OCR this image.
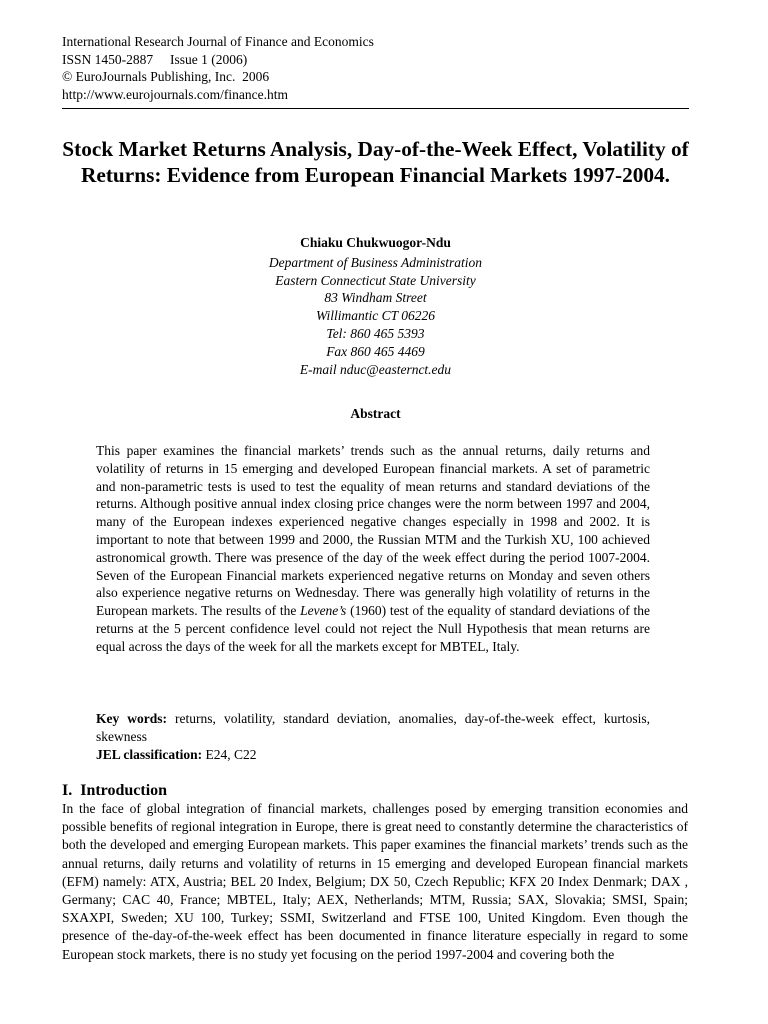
International Research Journal of Finance and Economics
ISSN 1450-2887     Issue 1 (2006)
© EuroJournals Publishing, Inc.  2006
http://www.eurojournals.com/finance.htm
Stock Market Returns Analysis, Day-of-the-Week Effect, Volatility of Returns: Evidence from European Financial Markets 1997-2004.
Chiaku Chukwuogor-Ndu
Department of Business Administration
Eastern Connecticut State University
83 Windham Street
Willimantic CT 06226
Tel: 860 465 5393
Fax 860 465 4469
E-mail nduc@easternct.edu
Abstract
This paper examines the financial markets’ trends such as the annual returns, daily returns and volatility of returns in 15 emerging and developed European financial markets. A set of parametric and non-parametric tests is used to test the equality of mean returns and standard deviations of the returns. Although positive annual index closing price changes were the norm between 1997 and 2004, many of the European indexes experienced negative changes especially in 1998 and 2002. It is important to note that between 1999 and 2000, the Russian MTM and the Turkish XU, 100 achieved astronomical growth. There was presence of the day of the week effect during the period 1007-2004. Seven of the European Financial markets experienced negative returns on Monday and seven others also experience negative returns on Wednesday. There was generally high volatility of returns in the European markets. The results of the Levene’s (1960) test of the equality of standard deviations of the returns at the 5 percent confidence level could not reject the Null Hypothesis that mean returns are equal across the days of the week for all the markets except for MBTEL, Italy.
Key words: returns, volatility, standard deviation, anomalies, day-of-the-week effect, kurtosis, skewness
JEL classification: E24, C22
I.  Introduction
In the face of global integration of financial markets, challenges posed by emerging transition economies and possible benefits of regional integration in Europe, there is great need to constantly determine the characteristics of both the developed and emerging European markets. This paper examines the financial markets’ trends such as the annual returns, daily returns and volatility of returns in 15 emerging and developed European financial markets (EFM) namely: ATX, Austria; BEL 20 Index, Belgium; DX 50, Czech Republic; KFX 20 Index Denmark; DAX , Germany; CAC 40, France; MBTEL, Italy; AEX, Netherlands; MTM, Russia; SAX, Slovakia; SMSI, Spain; SXAXPI, Sweden; XU 100, Turkey; SSMI, Switzerland and FTSE 100, United Kingdom. Even though the presence of the-day-of-the-week effect has been documented in finance literature especially in regard to some European stock markets, there is no study yet focusing on the period 1997-2004 and covering both the
